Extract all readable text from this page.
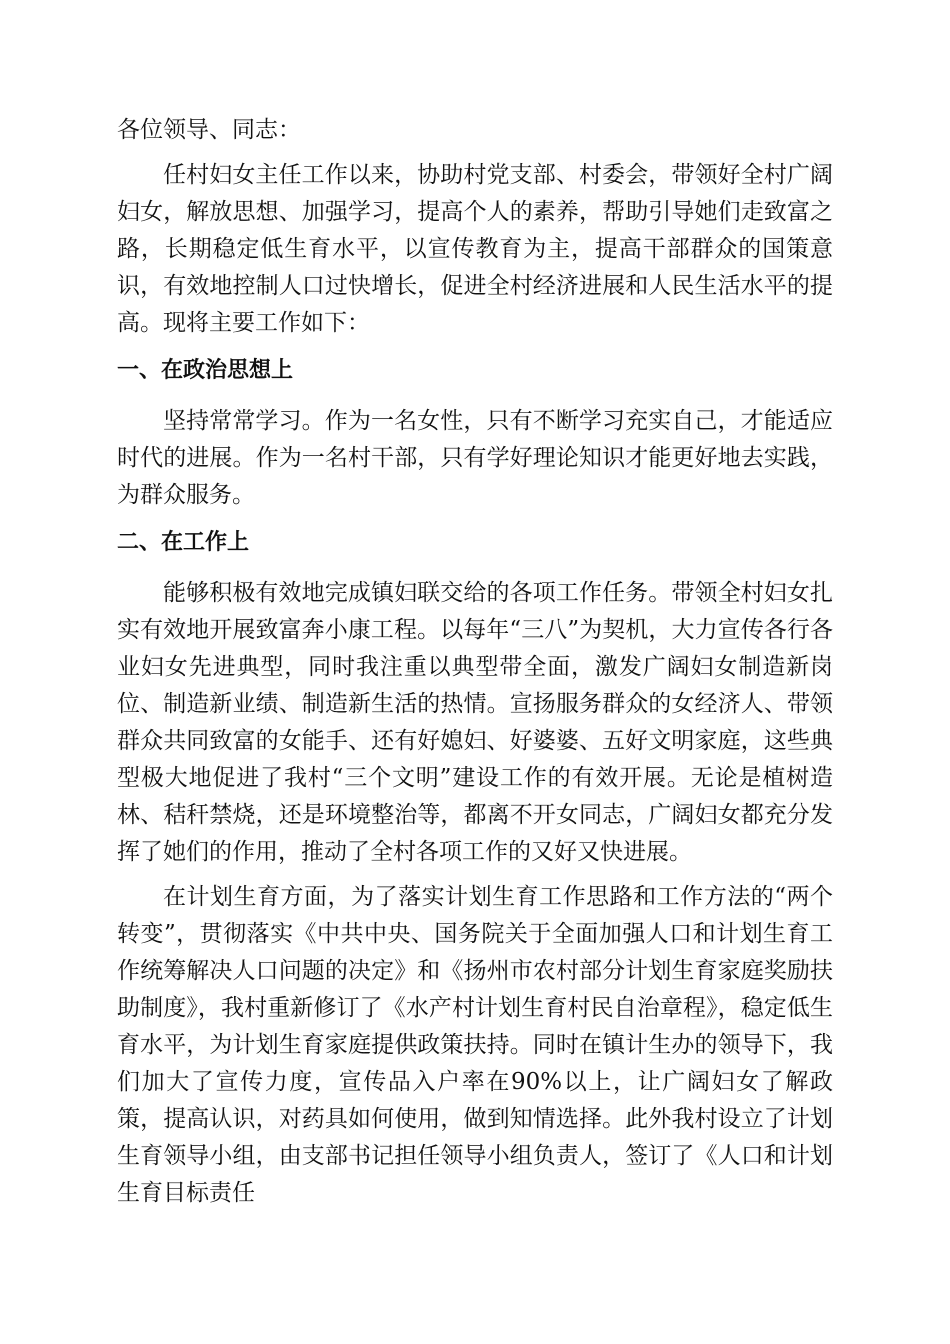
各位领导、同志：

任村妇女主任工作以来，协助村党支部、村委会，带领好全村广阔妇女，解放思想、加强学习，提高个人的素养，帮助引导她们走致富之路，长期稳定低生育水平，以宣传教育为主，提高干部群众的国策意识，有效地控制人口过快增长，促进全村经济进展和人民生活水平的提高。现将主要工作如下：

一、在政治思想上

坚持常常学习。作为一名女性，只有不断学习充实自己，才能适应时代的进展。作为一名村干部，只有学好理论知识才能更好地去实践，为群众服务。

二、在工作上

能够积极有效地完成镇妇联交给的各项工作任务。带领全村妇女扎实有效地开展致富奔小康工程。以每年“三八”为契机，大力宣传各行各业妇女先进典型，同时我注重以典型带全面，激发广阔妇女制造新岗位、制造新业绩、制造新生活的热情。宣扬服务群众的女经济人、带领群众共同致富的女能手、还有好媳妇、好婆婆、五好文明家庭，这些典型极大地促进了我村“三个文明”建设工作的有效开展。无论是植树造林、秸秆禁烧，还是环境整治等，都离不开女同志，广阔妇女都充分发挥了她们的作用，推动了全村各项工作的又好又快进展。

在计划生育方面，为了落实计划生育工作思路和工作方法的“两个转变”，贯彻落实《中共中央、国务院关于全面加强人口和计划生育工作统筹解决人口问题的决定》和《扬州市农村部分计划生育家庭奖励扶助制度》，我村重新修订了《水产村计划生育村民自治章程》，稳定低生育水平，为计划生育家庭提供政策扶持。同时在镇计生办的领导下，我们加大了宣传力度，宣传品入户率在90%以上，让广阔妇女了解政策，提高认识，对药具如何使用，做到知情选择。此外我村设立了计划生育领导小组，由支部书记担任领导小组负责人，签订了《人口和计划生育目标责任
